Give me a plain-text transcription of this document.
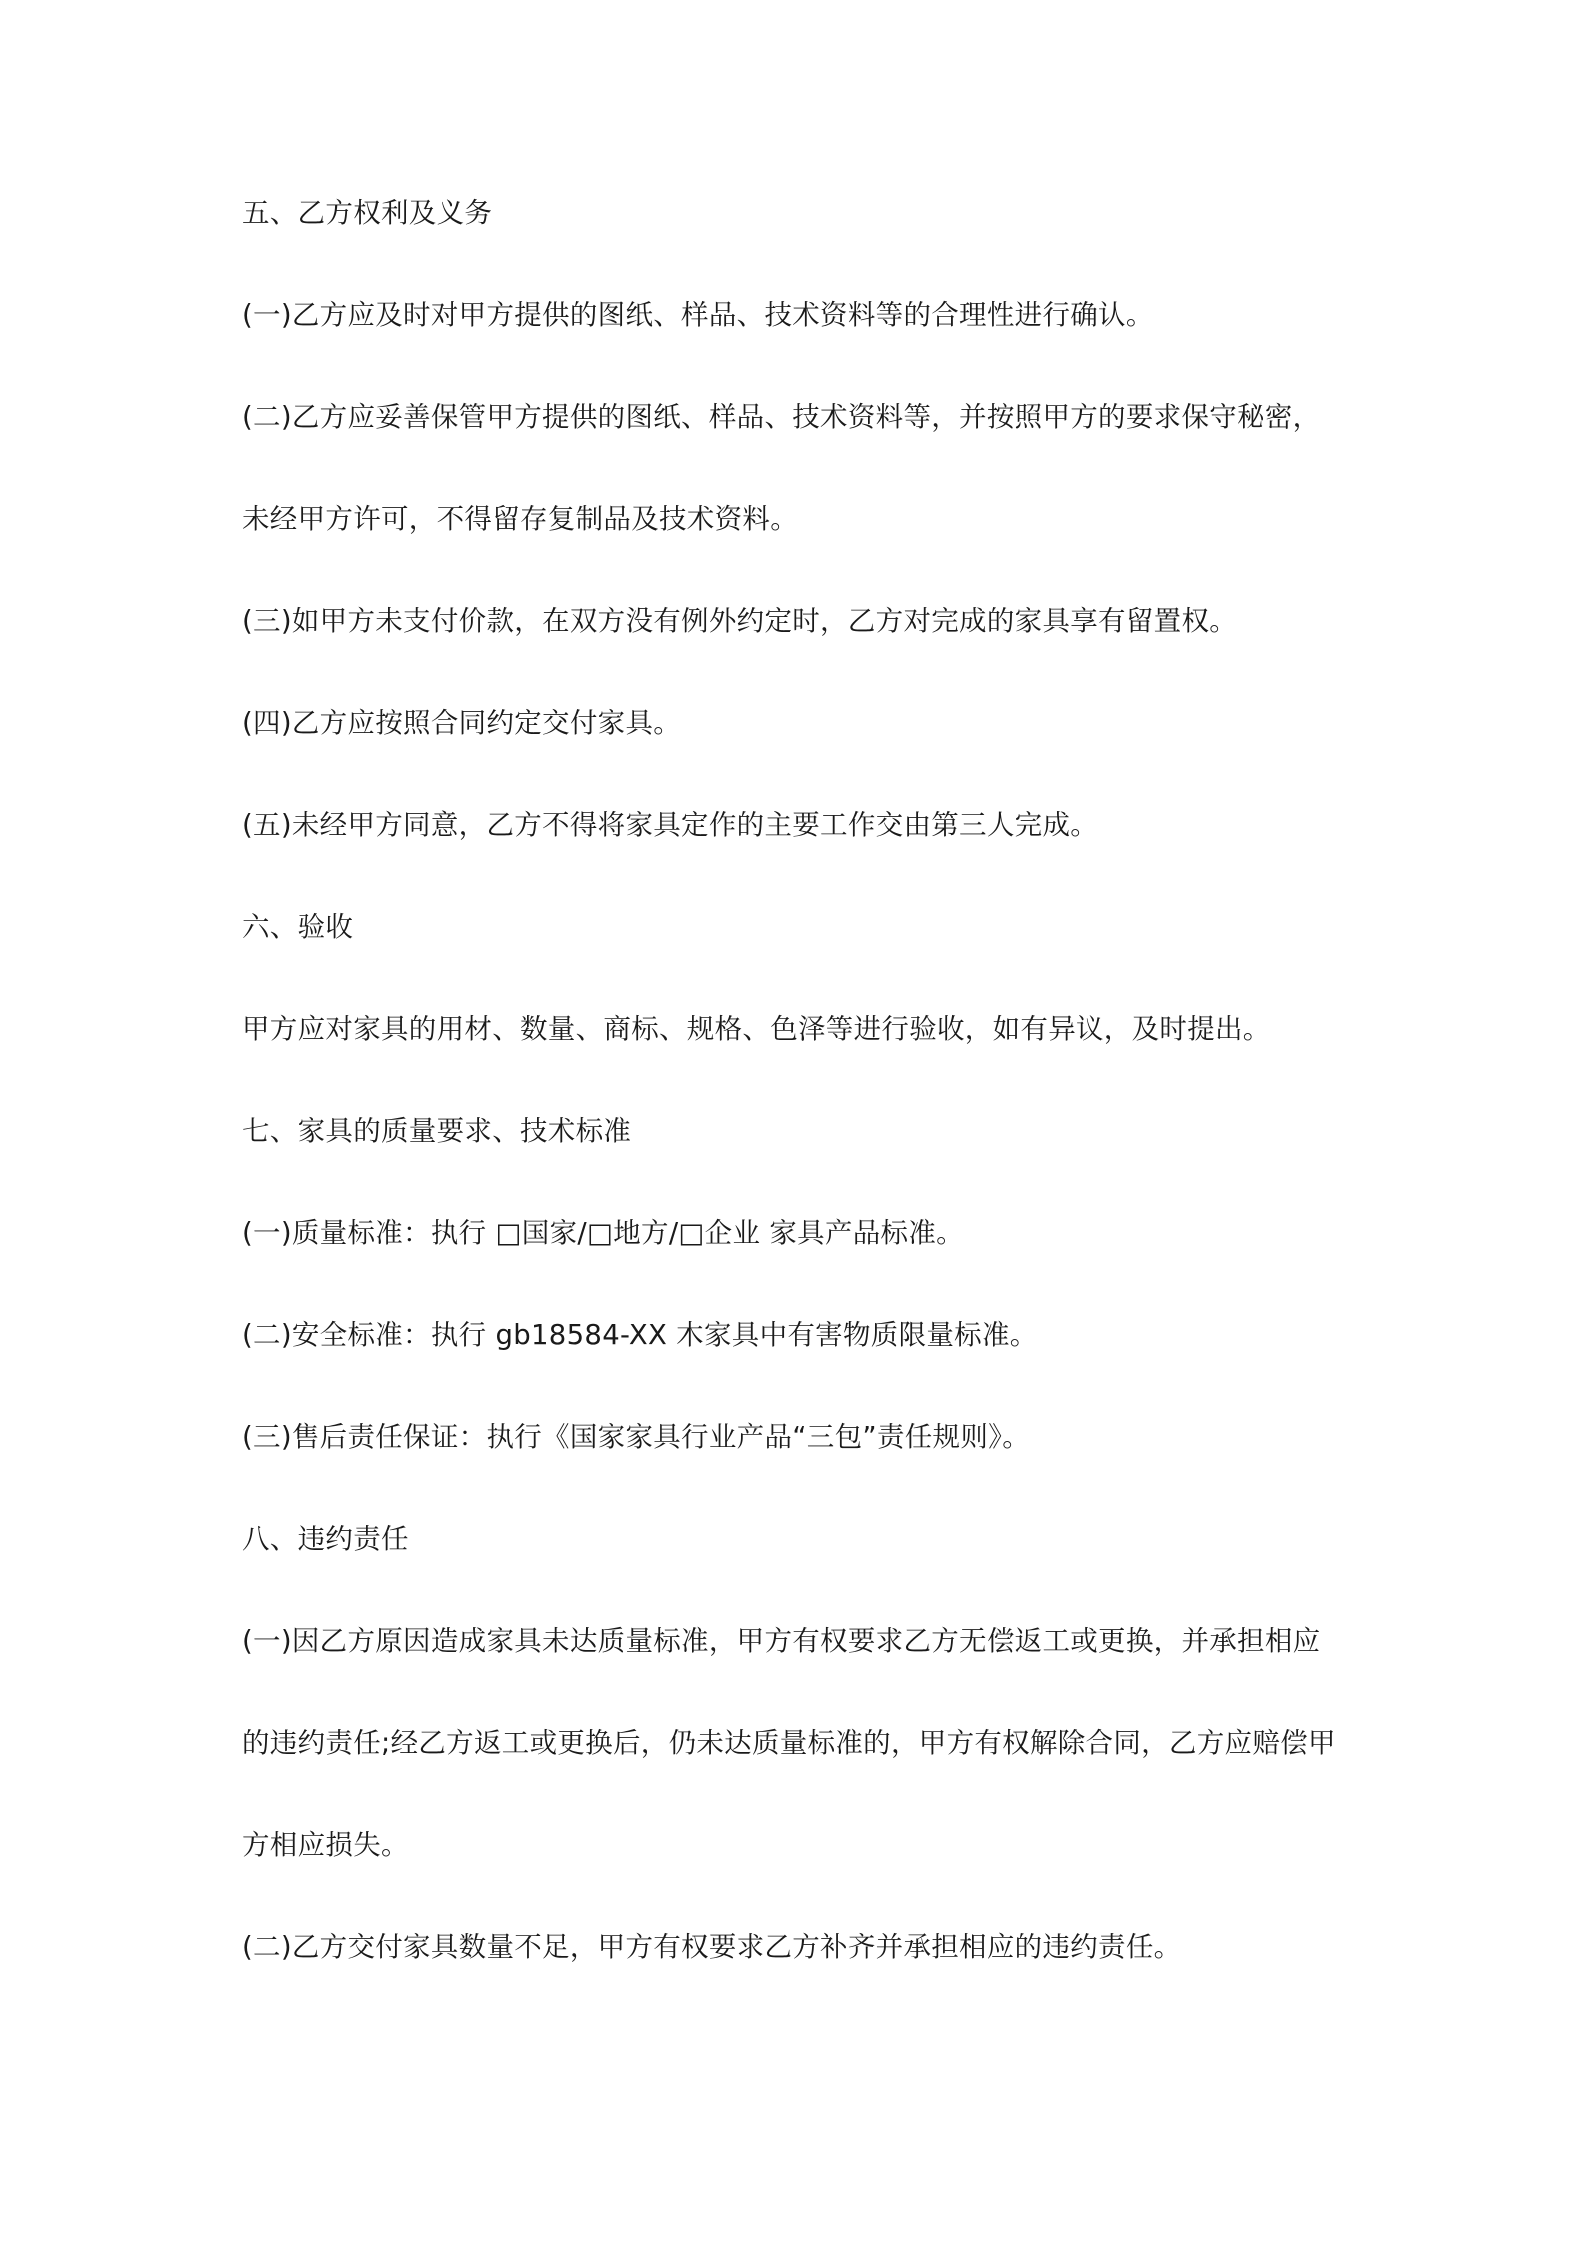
五、乙方权利及义务
(一)乙方应及时对甲方提供的图纸、样品、技术资料等的合理性进行确认。
(二)乙方应妥善保管甲方提供的图纸、样品、技术资料等，并按照甲方的要求保守秘密，
未经甲方许可，不得留存复制品及技术资料。
(三)如甲方未支付价款，在双方没有例外约定时，乙方对完成的家具享有留置权。
(四)乙方应按照合同约定交付家具。
(五)未经甲方同意，乙方不得将家具定作的主要工作交由第三人完成。
六、验收
甲方应对家具的用材、数量、商标、规格、色泽等进行验收，如有异议，及时提出。
七、家具的质量要求、技术标准
(一)质量标准：执行 □国家/□地方/□企业 家具产品标准。
(二)安全标准：执行 gb18584-XX 木家具中有害物质限量标准。
(三)售后责任保证：执行《国家家具行业产品“三包”责任规则》。
八、违约责任
(一)因乙方原因造成家具未达质量标准，甲方有权要求乙方无偿返工或更换，并承担相应
的违约责任;经乙方返工或更换后，仍未达质量标准的，甲方有权解除合同，乙方应赔偿甲
方相应损失。
(二)乙方交付家具数量不足，甲方有权要求乙方补齐并承担相应的违约责任。
